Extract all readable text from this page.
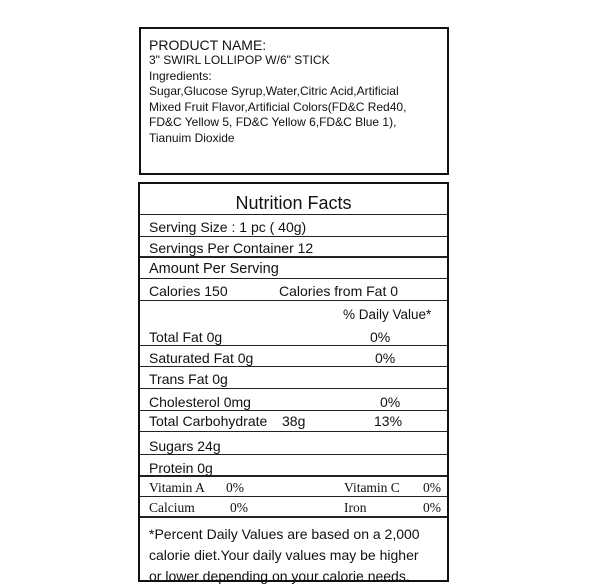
PRODUCT NAME:
3" SWIRL LOLLIPOP W/6" STICK
Ingredients:
Sugar,Glucose Syrup,Water,Citric Acid,Artificial
Mixed Fruit Flavor,Artificial Colors(FD&C Red40,
FD&C Yellow 5, FD&C Yellow 6,FD&C Blue 1),
Tianuim Dioxide
Nutrition Facts
Serving Size : 1 pc ( 40g)
Servings Per Container 12
Amount Per Serving
Calories 150	Calories from Fat 0
% Daily Value*
Total Fat 0g	0%
Saturated Fat 0g	0%
Trans Fat 0g
Cholesterol 0mg	0%
Total Carbohydrate 38g	13%
Sugars 24g
Protein 0g
Vitamin A 0%	Vitamin C 0%
Calcium	0%	Iron	0%
*Percent Daily Values are based on a 2,000
calorie diet.Your daily values may be higher
or lower depending on your calorie needs.
